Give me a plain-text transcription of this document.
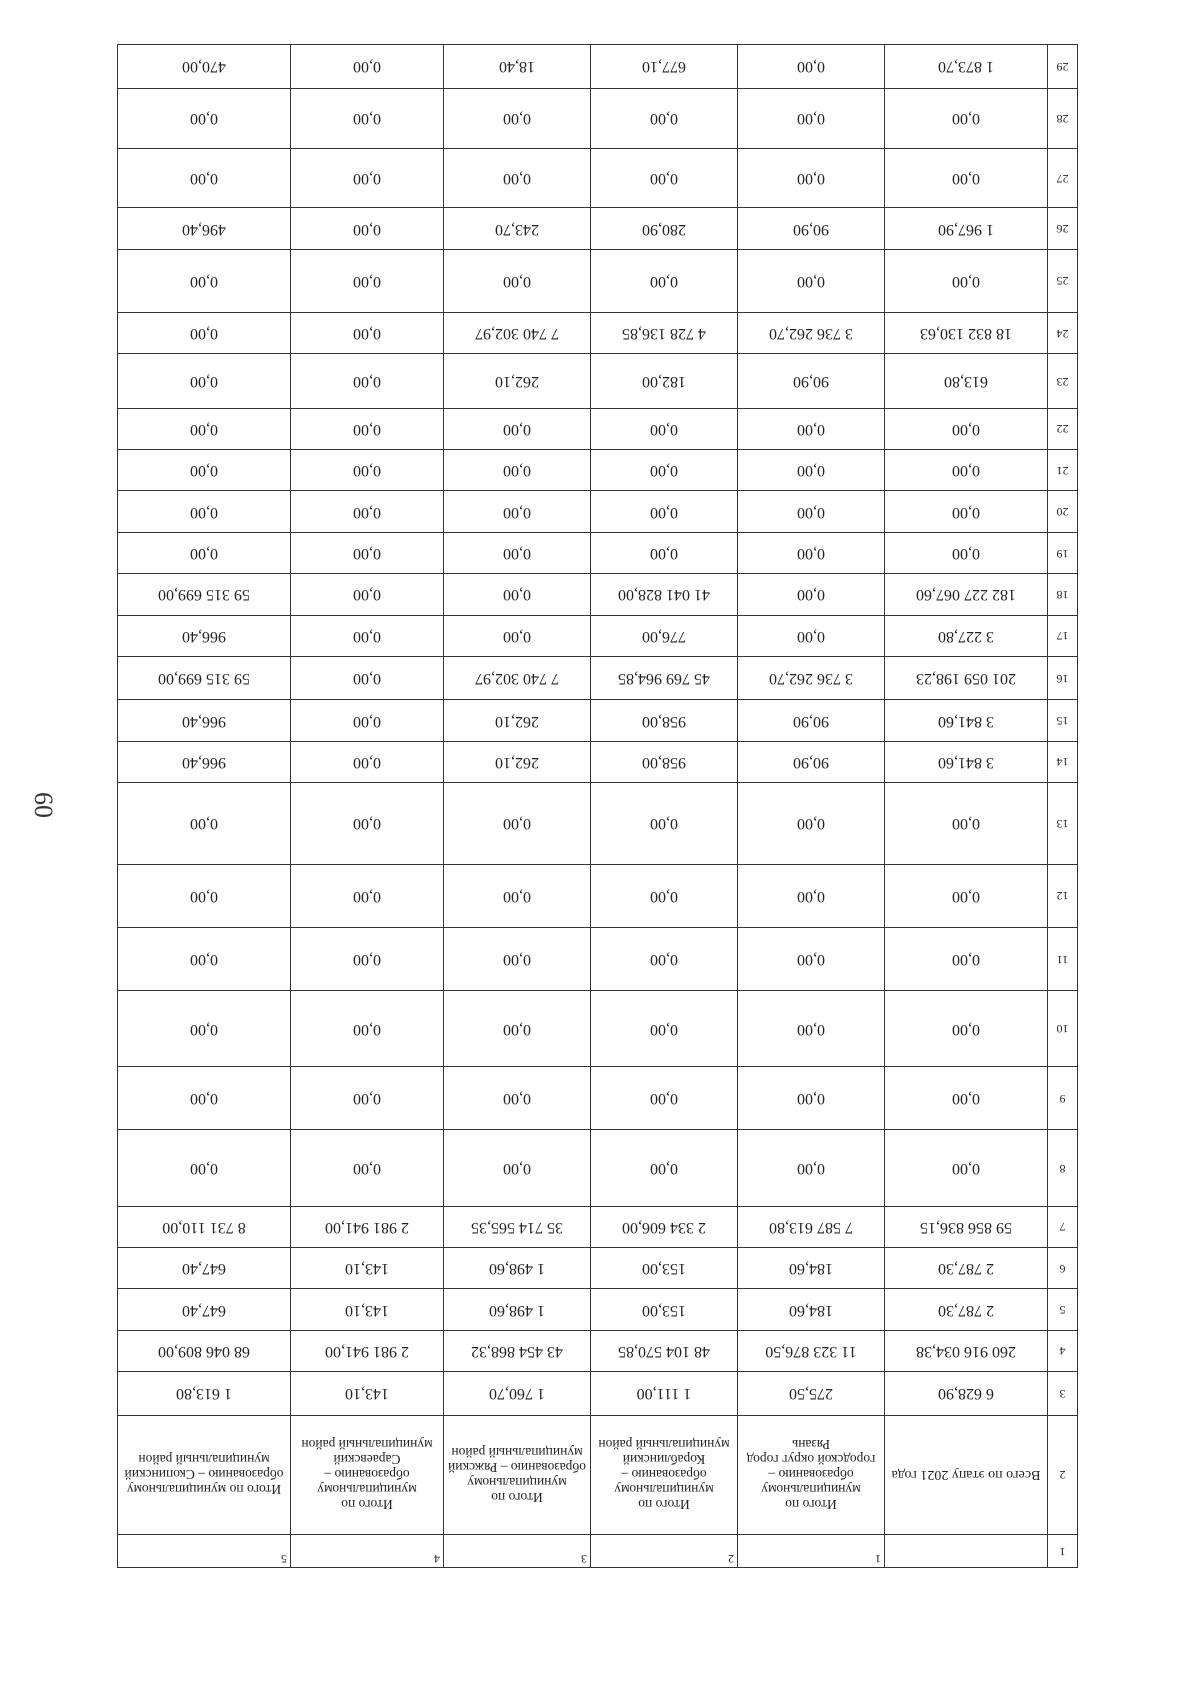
60
1		1	2	3	4	5
2	Всего по этапу 2021 года	Итого по муниципальному образованию – городской округ город Рязань	Итого по муниципальному образованию – Кораблинский муниципальный район	Итого по муниципальному образованию – Ряжский муниципальный район	Итого по муниципальному образованию – Сараевский муниципальный район	Итого по муниципальному образованию – Скопинский муниципальный район
3	6 628,90	275,50	1 111,00	1 760,70	143,10	1 613,80
4	260 916 034,38	11 323 876,50	48 104 570,85	43 454 868,32	2 981 941,00	68 046 809,00
5	2 787,30	184,60	153,00	1 498,60	143,10	647,40
6	2 787,30	184,60	153,00	1 498,60	143,10	647,40
7	59 856 836,15	7 587 613,80	2 334 606,00	35 714 565,35	2 981 941,00	8 731 110,00
8	0,00	0,00	0,00	0,00	0,00	0,00
9	0,00	0,00	0,00	0,00	0,00	0,00
10	0,00	0,00	0,00	0,00	0,00	0,00
11	0,00	0,00	0,00	0,00	0,00	0,00
12	0,00	0,00	0,00	0,00	0,00	0,00
13	0,00	0,00	0,00	0,00	0,00	0,00
14	3 841,60	90,90	958,00	262,10	0,00	966,40
15	3 841,60	90,90	958,00	262,10	0,00	966,40
16	201 059 198,23	3 736 262,70	45 769 964,85	7 740 302,97	0,00	59 315 699,00
17	3 227,80	0,00	776,00	0,00	0,00	966,40
18	182 227 067,60	0,00	41 041 828,00	0,00	0,00	59 315 699,00
19	0,00	0,00	0,00	0,00	0,00	0,00
20	0,00	0,00	0,00	0,00	0,00	0,00
21	0,00	0,00	0,00	0,00	0,00	0,00
22	0,00	0,00	0,00	0,00	0,00	0,00
23	613,80	90,90	182,00	262,10	0,00	0,00
24	18 832 130,63	3 736 262,70	4 728 136,85	7 740 302,97	0,00	0,00
25	0,00	0,00	0,00	0,00	0,00	0,00
26	1 967,90	90,90	280,90	243,70	0,00	496,40
27	0,00	0,00	0,00	0,00	0,00	0,00
28	0,00	0,00	0,00	0,00	0,00	0,00
29	1 873,70	0,00	677,10	18,40	0,00	470,00
